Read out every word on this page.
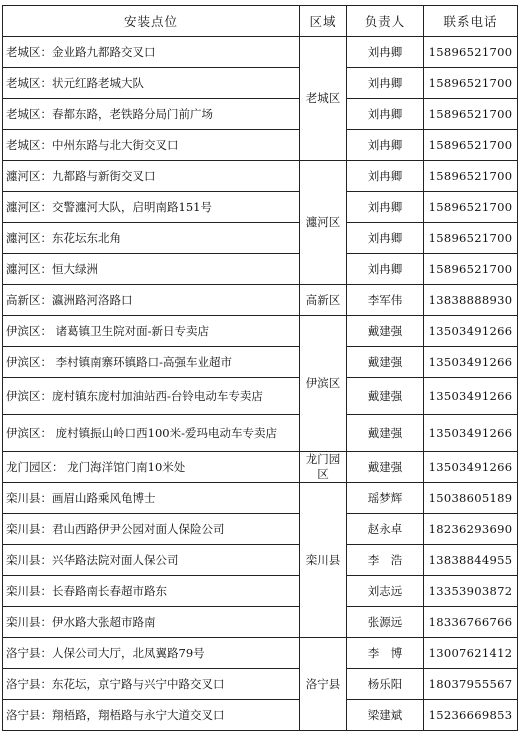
安装点位	区域	负责人	联系电话
老城区：金业路九都路交叉口	老城区	刘冉卿	15896521700
老城区：状元红路老城大队		刘冉卿	15896521700
老城区：春都东路，老铁路分局门前广场		刘冉卿	15896521700
老城区：中州东路与北大街交叉口		刘冉卿	15896521700
瀍河区：九都路与新街交叉口	瀍河区	刘冉卿	15896521700
瀍河区：交警瀍河大队，启明南路151号		刘冉卿	15896521700
瀍河区：东花坛东北角		刘冉卿	15896521700
瀍河区：恒大绿洲		刘冉卿	15896521700
高新区：瀛洲路河洛路口	高新区	李军伟	13838888930
伊滨区： 诸葛镇卫生院对面-新日专卖店	伊滨区	戴建强	13503491266
伊滨区： 李村镇南寨环镇路口-高强车业超市		戴建强	13503491266
伊滨区：庞村镇东庞村加油站西-台铃电动车专卖店		戴建强	13503491266
伊滨区： 庞村镇振山岭口西100米-爱玛电动车专卖店		戴建强	13503491266
龙门园区： 龙门海洋馆门南10米处	龙门园区	戴建强	13503491266
栾川县：画眉山路乘风龟博士	栾川县	瑶梦辉	15038605189
栾川县：君山西路伊尹公园对面人保险公司		赵永卓	18236293690
栾川县：兴华路法院对面人保公司		李　浩	13838844955
栾川县：长春路南长春超市路东		刘志远	13353903872
栾川县：伊水路大张超市路南		张源远	18336766766
洛宁县：人保公司大厅，北凤翼路79号	洛宁县	李　博	13007621412
洛宁县：东花坛，京宁路与兴宁中路交叉口		杨乐阳	18037955567
洛宁县：翔梧路，翔梧路与永宁大道交叉口		梁建斌	15236669853
